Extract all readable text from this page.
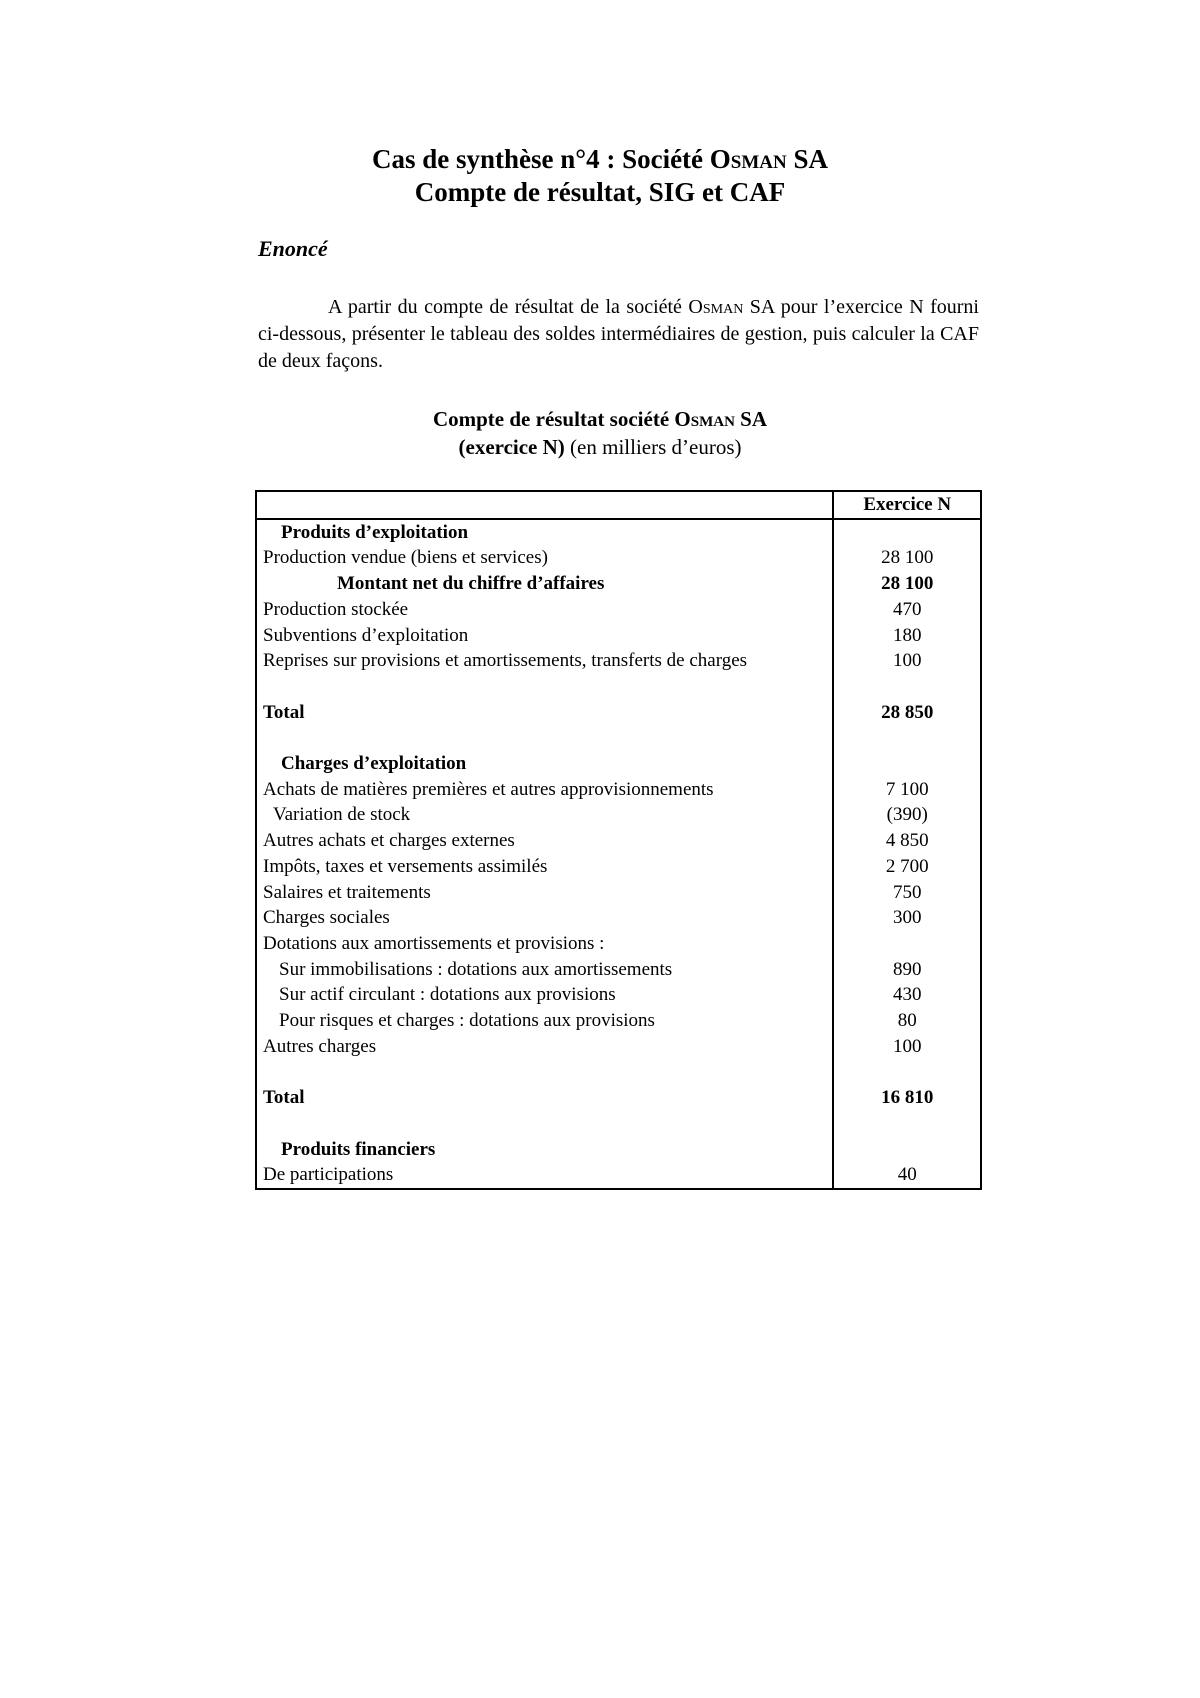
Cas de synthèse n°4 : Société Osman SA
Compte de résultat, SIG et CAF
Enoncé
A partir du compte de résultat de la société Osman SA pour l’exercice N fourni ci-dessous, présenter le tableau des soldes intermédiaires de gestion, puis calculer la CAF de deux façons.
Compte de résultat société Osman SA
(exercice N) (en milliers d’euros)
	Exercice N
Produits d’exploitation	
Production vendue (biens et services)	28 100
Montant net du chiffre d’affaires	28 100
Production stockée	470
Subventions d’exploitation	180
Reprises sur provisions et amortissements, transferts de charges	100

Total	28 850

Charges d’exploitation	
Achats de matières premières et autres approvisionnements	7 100
Variation de stock	(390)
Autres achats et charges externes	4 850
Impôts, taxes et versements assimilés	2 700
Salaires et traitements	750
Charges sociales	300
Dotations aux amortissements et provisions :	
Sur immobilisations : dotations aux amortissements	890
Sur actif circulant : dotations aux provisions	430
Pour risques et charges : dotations aux provisions	80
Autres charges	100

Total	16 810

Produits financiers	
De participations	40
